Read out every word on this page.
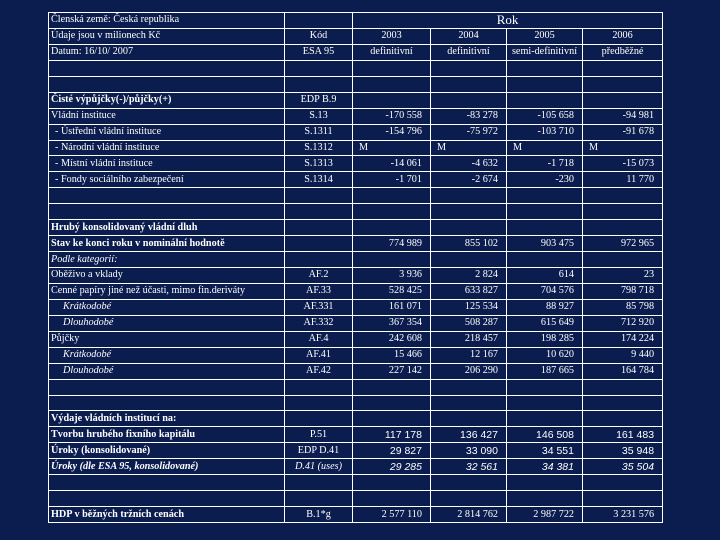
Členská země: Česká republika		Rok			
Údaje jsou v milionech Kč	Kód	2003	2004	2005	2006
Datum: 16/10/ 2007	ESA 95	definitivní	definitivní	semi-definitivní	předběžné

Čisté výpůjčky(-)/půjčky(+)	EDP B.9				
Vládní instituce	S.13	-170 558	-83 278	-105 658	-94 981
- Ústřední vládní instituce	S.1311	-154 796	-75 972	-103 710	-91 678
- Národní vládní instituce	S.1312	M	M	M	M
- Místní vládní instituce	S.1313	-14 061	-4 632	-1 718	-15 073
- Fondy sociálního zabezpečení	S.1314	-1 701	-2 674	-230	11 770

Hrubý konsolidovaný vládní dluh					
Stav ke konci roku v nominální hodnotě		774 989	855 102	903 475	972 965
Podle kategorií:					
Oběživo a vklady	AF.2	3 936	2 824	614	23
Cenné papíry jiné než účasti, mimo fin.deriváty	AF.33	528 425	633 827	704 576	798 718
Krátkodobé	AF.331	161 071	125 534	88 927	85 798
Dlouhodobé	AF.332	367 354	508 287	615 649	712 920
Půjčky	AF.4	242 608	218 457	198 285	174 224
Krátkodobé	AF.41	15 466	12 167	10 620	9 440
Dlouhodobé	AF.42	227 142	206 290	187 665	164 784

Výdaje vládních institucí na:					
Tvorbu hrubého fixního kapitálu	P.51	117 178	136 427	146 508	161 483
Úroky (konsolidované)	EDP D.41	29 827	33 090	34 551	35 948
Úroky (dle ESA 95, konsolidované)	D.41 (uses)	29 285	32 561	34 381	35 504

HDP v běžných tržních cenách	B.1*g	2 577 110	2 814 762	2 987 722	3 231 576
